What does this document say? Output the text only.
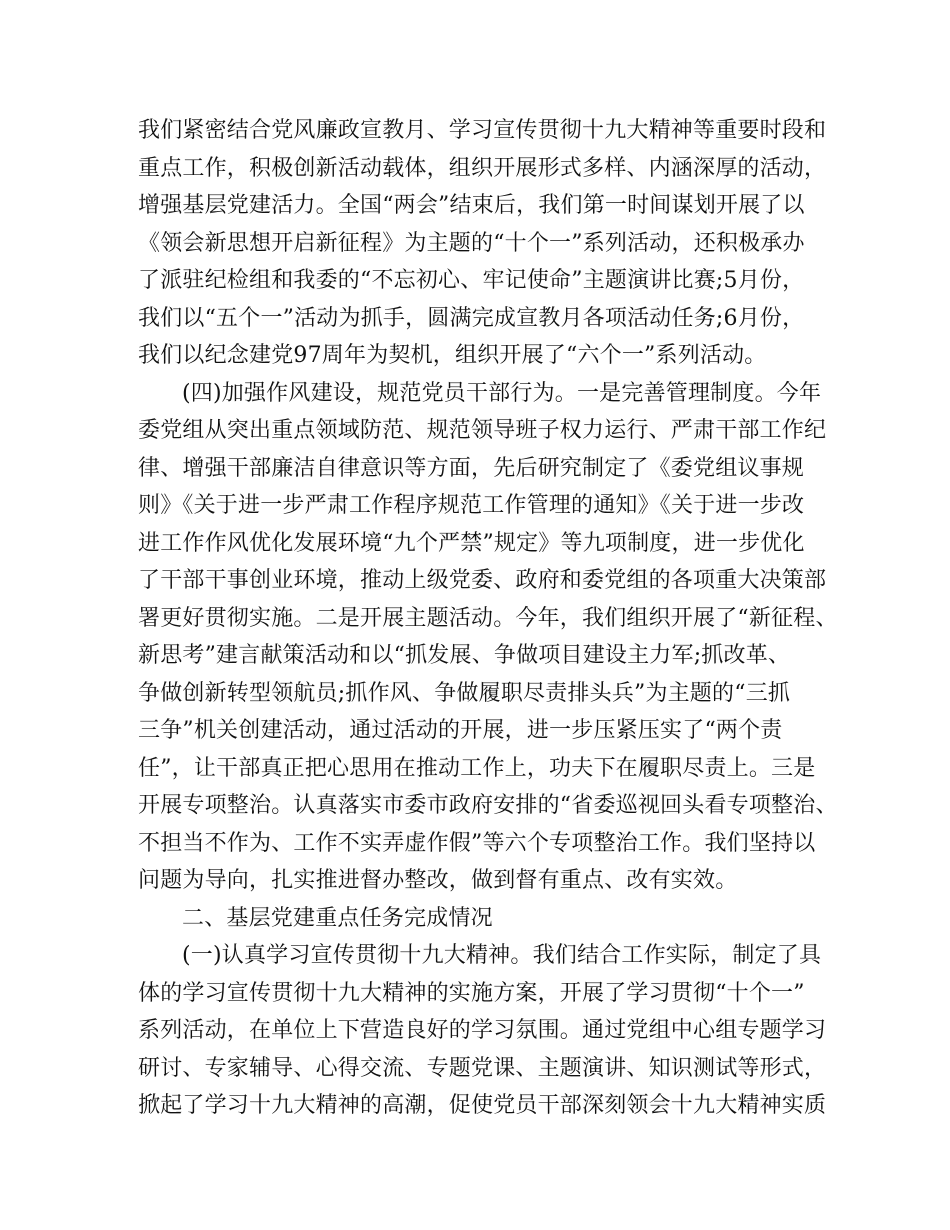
我们紧密结合党风廉政宣教月、学习宣传贯彻十九大精神等重要时段和
重点工作，积极创新活动载体，组织开展形式多样、内涵深厚的活动，
增强基层党建活力。全国“两会”结束后，我们第一时间谋划开展了以
《领会新思想开启新征程》为主题的“十个一”系列活动，还积极承办
了派驻纪检组和我委的“不忘初心、牢记使命”主题演讲比赛;5月份，
我们以“五个一”活动为抓手，圆满完成宣教月各项活动任务;6月份，
我们以纪念建党97周年为契机，组织开展了“六个一”系列活动。
(四)加强作风建设，规范党员干部行为。一是完善管理制度。今年
委党组从突出重点领域防范、规范领导班子权力运行、严肃干部工作纪
律、增强干部廉洁自律意识等方面，先后研究制定了《委党组议事规
则》《关于进一步严肃工作程序规范工作管理的通知》《关于进一步改
进工作作风优化发展环境“九个严禁”规定》等九项制度，进一步优化
了干部干事创业环境，推动上级党委、政府和委党组的各项重大决策部
署更好贯彻实施。二是开展主题活动。今年，我们组织开展了“新征程、
新思考”建言献策活动和以“抓发展、争做项目建设主力军;抓改革、
争做创新转型领航员;抓作风、争做履职尽责排头兵”为主题的“三抓
三争”机关创建活动，通过活动的开展，进一步压紧压实了“两个责
任”，让干部真正把心思用在推动工作上，功夫下在履职尽责上。三是
开展专项整治。认真落实市委市政府安排的“省委巡视回头看专项整治、
不担当不作为、工作不实弄虚作假”等六个专项整治工作。我们坚持以
问题为导向，扎实推进督办整改，做到督有重点、改有实效。
二、基层党建重点任务完成情况
(一)认真学习宣传贯彻十九大精神。我们结合工作实际，制定了具
体的学习宣传贯彻十九大精神的实施方案，开展了学习贯彻“十个一”
系列活动，在单位上下营造良好的学习氛围。通过党组中心组专题学习
研讨、专家辅导、心得交流、专题党课、主题演讲、知识测试等形式，
掀起了学习十九大精神的高潮，促使党员干部深刻领会十九大精神实质
